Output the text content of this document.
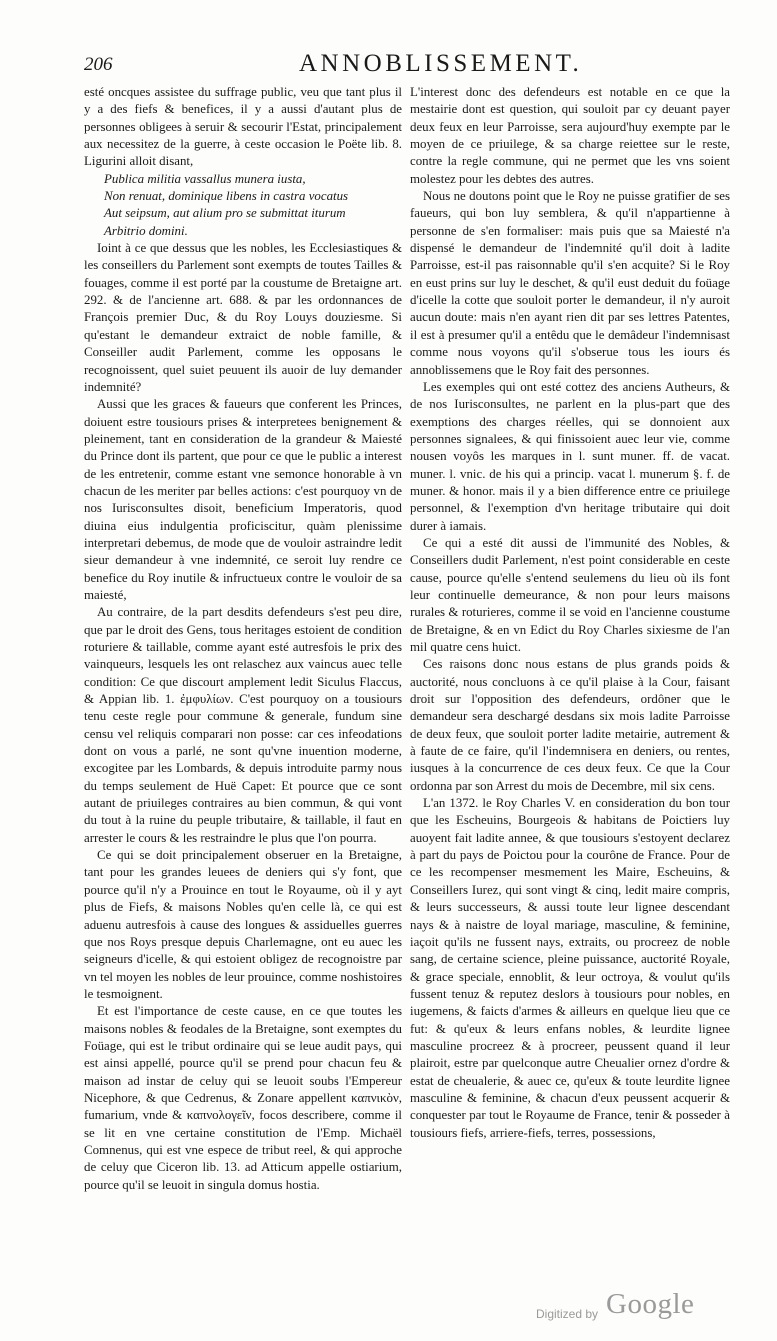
206	ANNOBLISSEMENT.

esté oncques assistee du suffrage public, veu que tant plus il y a des fiefs & benefices, il y a aussi d'autant plus de personnes obligees à seruir & secourir l'Estat, principalement aux necessitez de la guerre, à ceste occasion le Poëte lib. 8. Ligurini alloit disant,

Publica militia vassallus munera iusta,
Non renuat, dominique libens in castra vocatus
Aut seipsum, aut alium pro se submittat iturum
Arbitrio domini.

Ioint à ce que dessus que les nobles, les Ecclesiastiques & les conseillers du Parlement sont exempts de toutes Tailles & fouages, comme il est porté par la coustume de Bretaigne art. 292. & de l'ancienne art. 688. & par les ordonnances de François premier Duc, & du Roy Louys douziesme. Si qu'estant le demandeur extraict de noble famille, & Conseiller audit Parlement, comme les opposans le recognoissent, quel suiet peuuent ils auoir de luy demander indemnité?

Aussi que les graces & faueurs que conferent les Princes, doiuent estre tousiours prises & interpretees benignement & pleinement, tant en consideration de la grandeur & Maiesté du Prince dont ils partent, que pour ce que le public a interest de les entretenir, comme estant vne semonce honorable à vn chacun de les meriter par belles actions: c'est pourquoy vn de nos Iurisconsultes disoit, beneficium Imperatoris, quod diuina eius indulgentia proficiscitur, quàm plenissime interpretari debemus, de mode que de vouloir astraindre ledit sieur demandeur à vne indemnité, ce seroit luy rendre ce benefice du Roy inutile & infructueux contre le vouloir de sa maiesté,

Au contraire, de la part desdits defendeurs s'est peu dire, que par le droit des Gens, tous heritages estoient de condition roturiere & taillable, comme ayant esté autresfois le prix des vainqueurs, lesquels les ont relaschez aux vaincus auec telle condition: Ce que discourt amplement ledit Siculus Flaccus, & Appian lib. 1. ἐμφυλίων. C'est pourquoy on a tousiours tenu ceste regle pour commune & generale, fundum sine censu vel reliquis comparari non posse: car ces infeodations dont on vous a parlé, ne sont qu'vne inuention moderne, excogitee par les Lombards, & depuis introduite parmy nous du temps seulement de Huë Capet: Et pource que ce sont autant de priuileges contraires au bien commun, & qui vont du tout à la ruine du peuple tributaire, & taillable, il faut en arrester le cours & les restraindre le plus que l'on pourra.

Ce qui se doit principalement obseruer en la Bretaigne, tant pour les grandes leuees de deniers qui s'y font, que pource qu'il n'y a Prouince en tout le Royaume, où il y ayt plus de Fiefs, & maisons Nobles qu'en celle là, ce qui est aduenu autresfois à cause des longues & assiduelles guerres que nos Roys presque depuis Charlemagne, ont eu auec les seigneurs d'icelle, & qui estoient obligez de recognoistre par vn tel moyen les nobles de leur prouince, comme noshistoires le tesmoignent.

Et est l'importance de ceste cause, en ce que toutes les maisons nobles & feodales de la Bretaigne, sont exemptes du Foüage, qui est le tribut ordinaire qui se leue audit pays, qui est ainsi appellé, pource qu'il se prend pour chacun feu & maison ad instar de celuy qui se leuoit soubs l'Empereur Nicephore, & que Cedrenus, & Zonare appellent καπνικὸν, fumarium, vnde & καπνολογεῖν, focos describere, comme il se lit en vne certaine constitution de l'Emp. Michaël Comnenus, qui est vne espece de tribut reel, & qui approche de celuy que Ciceron lib. 13. ad Atticum appelle ostiarium, pource qu'il se leuoit in singula domus hostia.

L'interest donc des defendeurs est notable en ce que la mestairie dont est question, qui souloit par cy deuant payer deux feux en leur Parroisse, sera aujourd'huy exempte par le moyen de ce priuilege, & sa charge reiettee sur le reste, contre la regle commune, qui ne permet que les vns soient molestez pour les debtes des autres.

Nous ne doutons point que le Roy ne puisse gratifier de ses faueurs, qui bon luy semblera, & qu'il n'appartienne à personne de s'en formaliser: mais puis que sa Maiesté n'a dispensé le demandeur de l'indemnité qu'il doit à ladite Parroisse, est-il pas raisonnable qu'il s'en acquite? Si le Roy en eust prins sur luy le deschet, & qu'il eust deduit du foüage d'icelle la cotte que souloit porter le demandeur, il n'y auroit aucun doute: mais n'en ayant rien dit par ses lettres Patentes, il est à presumer qu'il a entêdu que le demâdeur l'indemnisast comme nous voyons qu'il s'obserue tous les iours és annoblissemens que le Roy fait des personnes.

Les exemples qui ont esté cottez des anciens Autheurs, & de nos Iurisconsultes, ne parlent en la plus-part que des exemptions des charges réelles, qui se donnoient aux personnes signalees, & qui finissoient auec leur vie, comme nousen voyôs les marques in l. sunt muner. ff. de vacat. muner. l. vnic. de his qui a princip. vacat l. munerum §. f. de muner. & honor. mais il y a bien difference entre ce priuilege personnel, & l'exemption d'vn heritage tributaire qui doit durer à iamais.

Ce qui a esté dit aussi de l'immunité des Nobles, & Conseillers dudit Parlement, n'est point considerable en ceste cause, pource qu'elle s'entend seulemens du lieu où ils font leur continuelle demeurance, & non pour leurs maisons rurales & roturieres, comme il se void en l'ancienne coustume de Bretaigne, & en vn Edict du Roy Charles sixiesme de l'an mil quatre cens huict.

Ces raisons donc nous estans de plus grands poids & auctorité, nous concluons à ce qu'il plaise à la Cour, faisant droit sur l'opposition des defendeurs, ordôner que le demandeur sera deschargé desdans six mois ladite Parroisse de deux feux, que souloit porter ladite metairie, autrement & à faute de ce faire, qu'il l'indemnisera en deniers, ou rentes, iusques à la concurrence de ces deux feux. Ce que la Cour ordonna par son Arrest du mois de Decembre, mil six cens.

L'an 1372. le Roy Charles V. en consideration du bon tour que les Escheuins, Bourgeois & habitans de Poictiers luy auoyent fait ladite annee, & que tousiours s'estoyent declarez à part du pays de Poictou pour la courône de France. Pour de ce les recompenser mesmement les Maire, Escheuins, & Conseillers Iurez, qui sont vingt & cinq, ledit maire compris, & leurs successeurs, & aussi toute leur lignee descendant nays & à naistre de loyal mariage, masculine, & feminine, iaçoit qu'ils ne fussent nays, extraits, ou procreez de noble sang, de certaine science, pleine puissance, auctorité Royale, & grace speciale, ennoblit, & leur octroya, & voulut qu'ils fussent tenuz & reputez deslors à tousiours pour nobles, en iugemens, & faicts d'armes & ailleurs en quelque lieu que ce fut: & qu'eux & leurs enfans nobles, & leurdite lignee masculine procreez & à procreer, peussent quand il leur plairoit, estre par quelconque autre Cheualier ornez d'ordre & estat de cheualerie, & auec ce, qu'eux & toute leurdite lignee masculine & feminine, & chacun d'eux peussent acquerir & conquester par tout le Royaume de France, tenir & posseder à tousiours fiefs, arriere-fiefs, terres, possessions,

Digitized by Google
